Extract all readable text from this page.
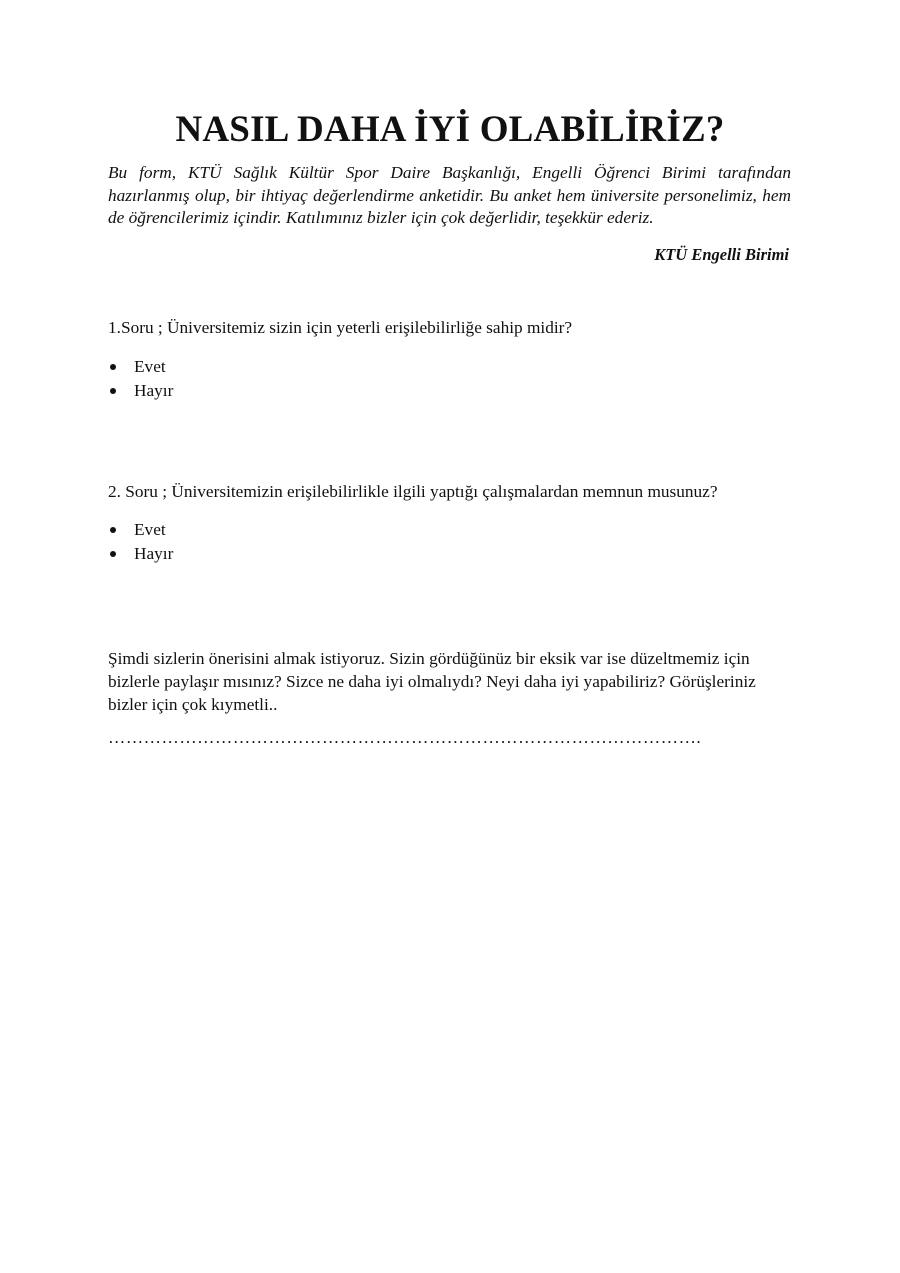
NASIL DAHA İYİ OLABİLİRİZ?

Bu form, KTÜ Sağlık Kültür Spor Daire Başkanlığı, Engelli Öğrenci Birimi tarafından hazırlanmış olup, bir ihtiyaç değerlendirme anketidir. Bu anket hem üniversite personelimiz, hem de öğrencilerimiz içindir. Katılımınız bizler için çok değerlidir, teşekkür ederiz.

KTÜ Engelli Birimi

1.Soru ; Üniversitemiz sizin için yeterli erişilebilirliğe sahip midir?

Evet
Hayır

2. Soru ; Üniversitemizin erişilebilirlikle ilgili yaptığı çalışmalardan memnun musunuz?

Evet
Hayır

Şimdi sizlerin önerisini almak istiyoruz. Sizin gördüğünüz bir eksik var ise düzeltmemiz için bizlerle paylaşır mısınız? Sizce ne daha iyi olmalıydı? Neyi daha iyi yapabiliriz? Görüşleriniz bizler için çok kıymetli..

……………………………………………………………………………………….
